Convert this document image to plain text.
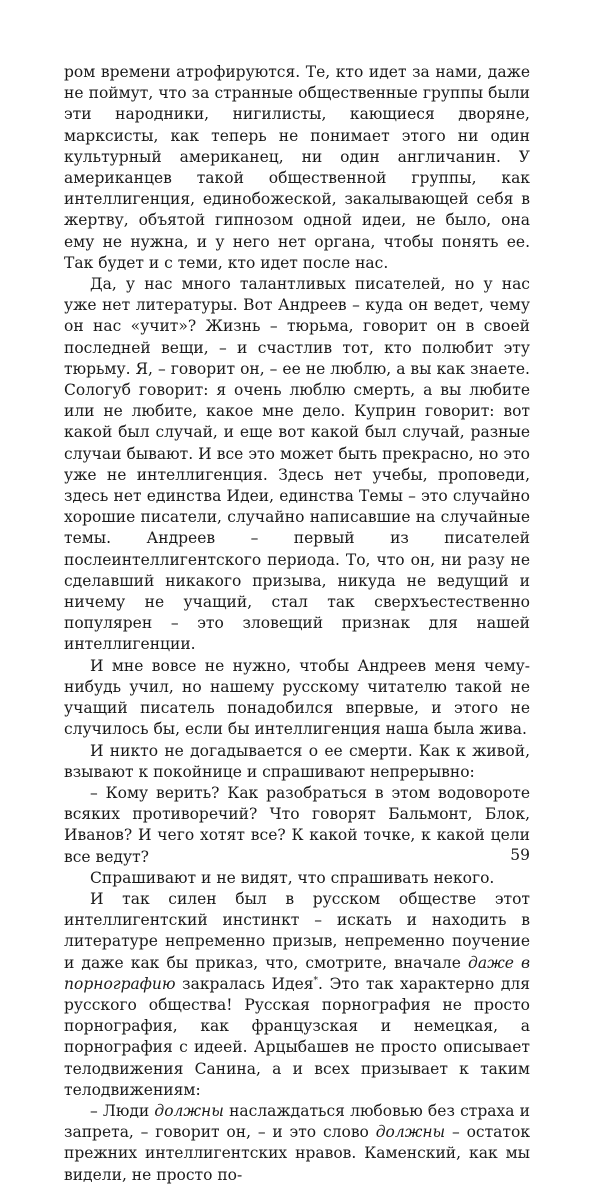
ром времени атрофируются. Те, кто идет за нами, даже не поймут, что за странные общественные группы были эти народники, нигилисты, кающиеся дворяне, марксисты, как теперь не понимает этого ни один культурный американец, ни один англичанин. У американцев такой общественной группы, как интеллигенция, единобожеской, закалывающей себя в жертву, объятой гипнозом одной идеи, не было, она ему не нужна, и у него нет органа, чтобы понять ее. Так будет и с теми, кто идет после нас.

Да, у нас много талантливых писателей, но у нас уже нет литературы. Вот Андреев – куда он ведет, чему он нас «учит»? Жизнь – тюрьма, говорит он в своей последней вещи, – и счастлив тот, кто полюбит эту тюрьму. Я, – говорит он, – ее не люблю, а вы как знаете. Сологуб говорит: я очень люблю смерть, а вы любите или не любите, какое мне дело. Куприн говорит: вот какой был случай, и еще вот какой был случай, разные случаи бывают. И все это может быть прекрасно, но это уже не интеллигенция. Здесь нет учебы, проповеди, здесь нет единства Идеи, единства Темы – это случайно хорошие писатели, случайно написавшие на случайные темы. Андреев – первый из писателей послеинтеллигентского периода. То, что он, ни разу не сделавший никакого призыва, никуда не ведущий и ничему не учащий, стал так сверхъестественно популярен – это зловещий признак для нашей интеллигенции.

И мне вовсе не нужно, чтобы Андреев меня чему-нибудь учил, но нашему русскому читателю такой не учащий писатель понадобился впервые, и этого не случилось бы, если бы интеллигенция наша была жива.

И никто не догадывается о ее смерти. Как к живой, взывают к покойнице и спрашивают непрерывно:

– Кому верить? Как разобраться в этом водовороте всяких противоречий? Что говорят Бальмонт, Блок, Иванов? И чего хотят все? К какой точке, к какой цели все ведут?

Спрашивают и не видят, что спрашивать некого.

И так силен был в русском обществе этот интеллигентский инстинкт – искать и находить в литературе непременно призыв, непременно поучение и даже как бы приказ, что, смотрите, вначале даже в порнографию закралась Идея*. Это так характерно для русского общества! Русская порнография не просто порнография, как французская и немецкая, а порнография с идеей. Арцыбашев не просто описывает телодвижения Санина, а и всех призывает к таким телодвижениям:

– Люди должны наслаждаться любовью без страха и запрета, – говорит он, – и это слово должны – остаток прежних интеллигентских нравов. Каменский, как мы видели, не просто по-

59
